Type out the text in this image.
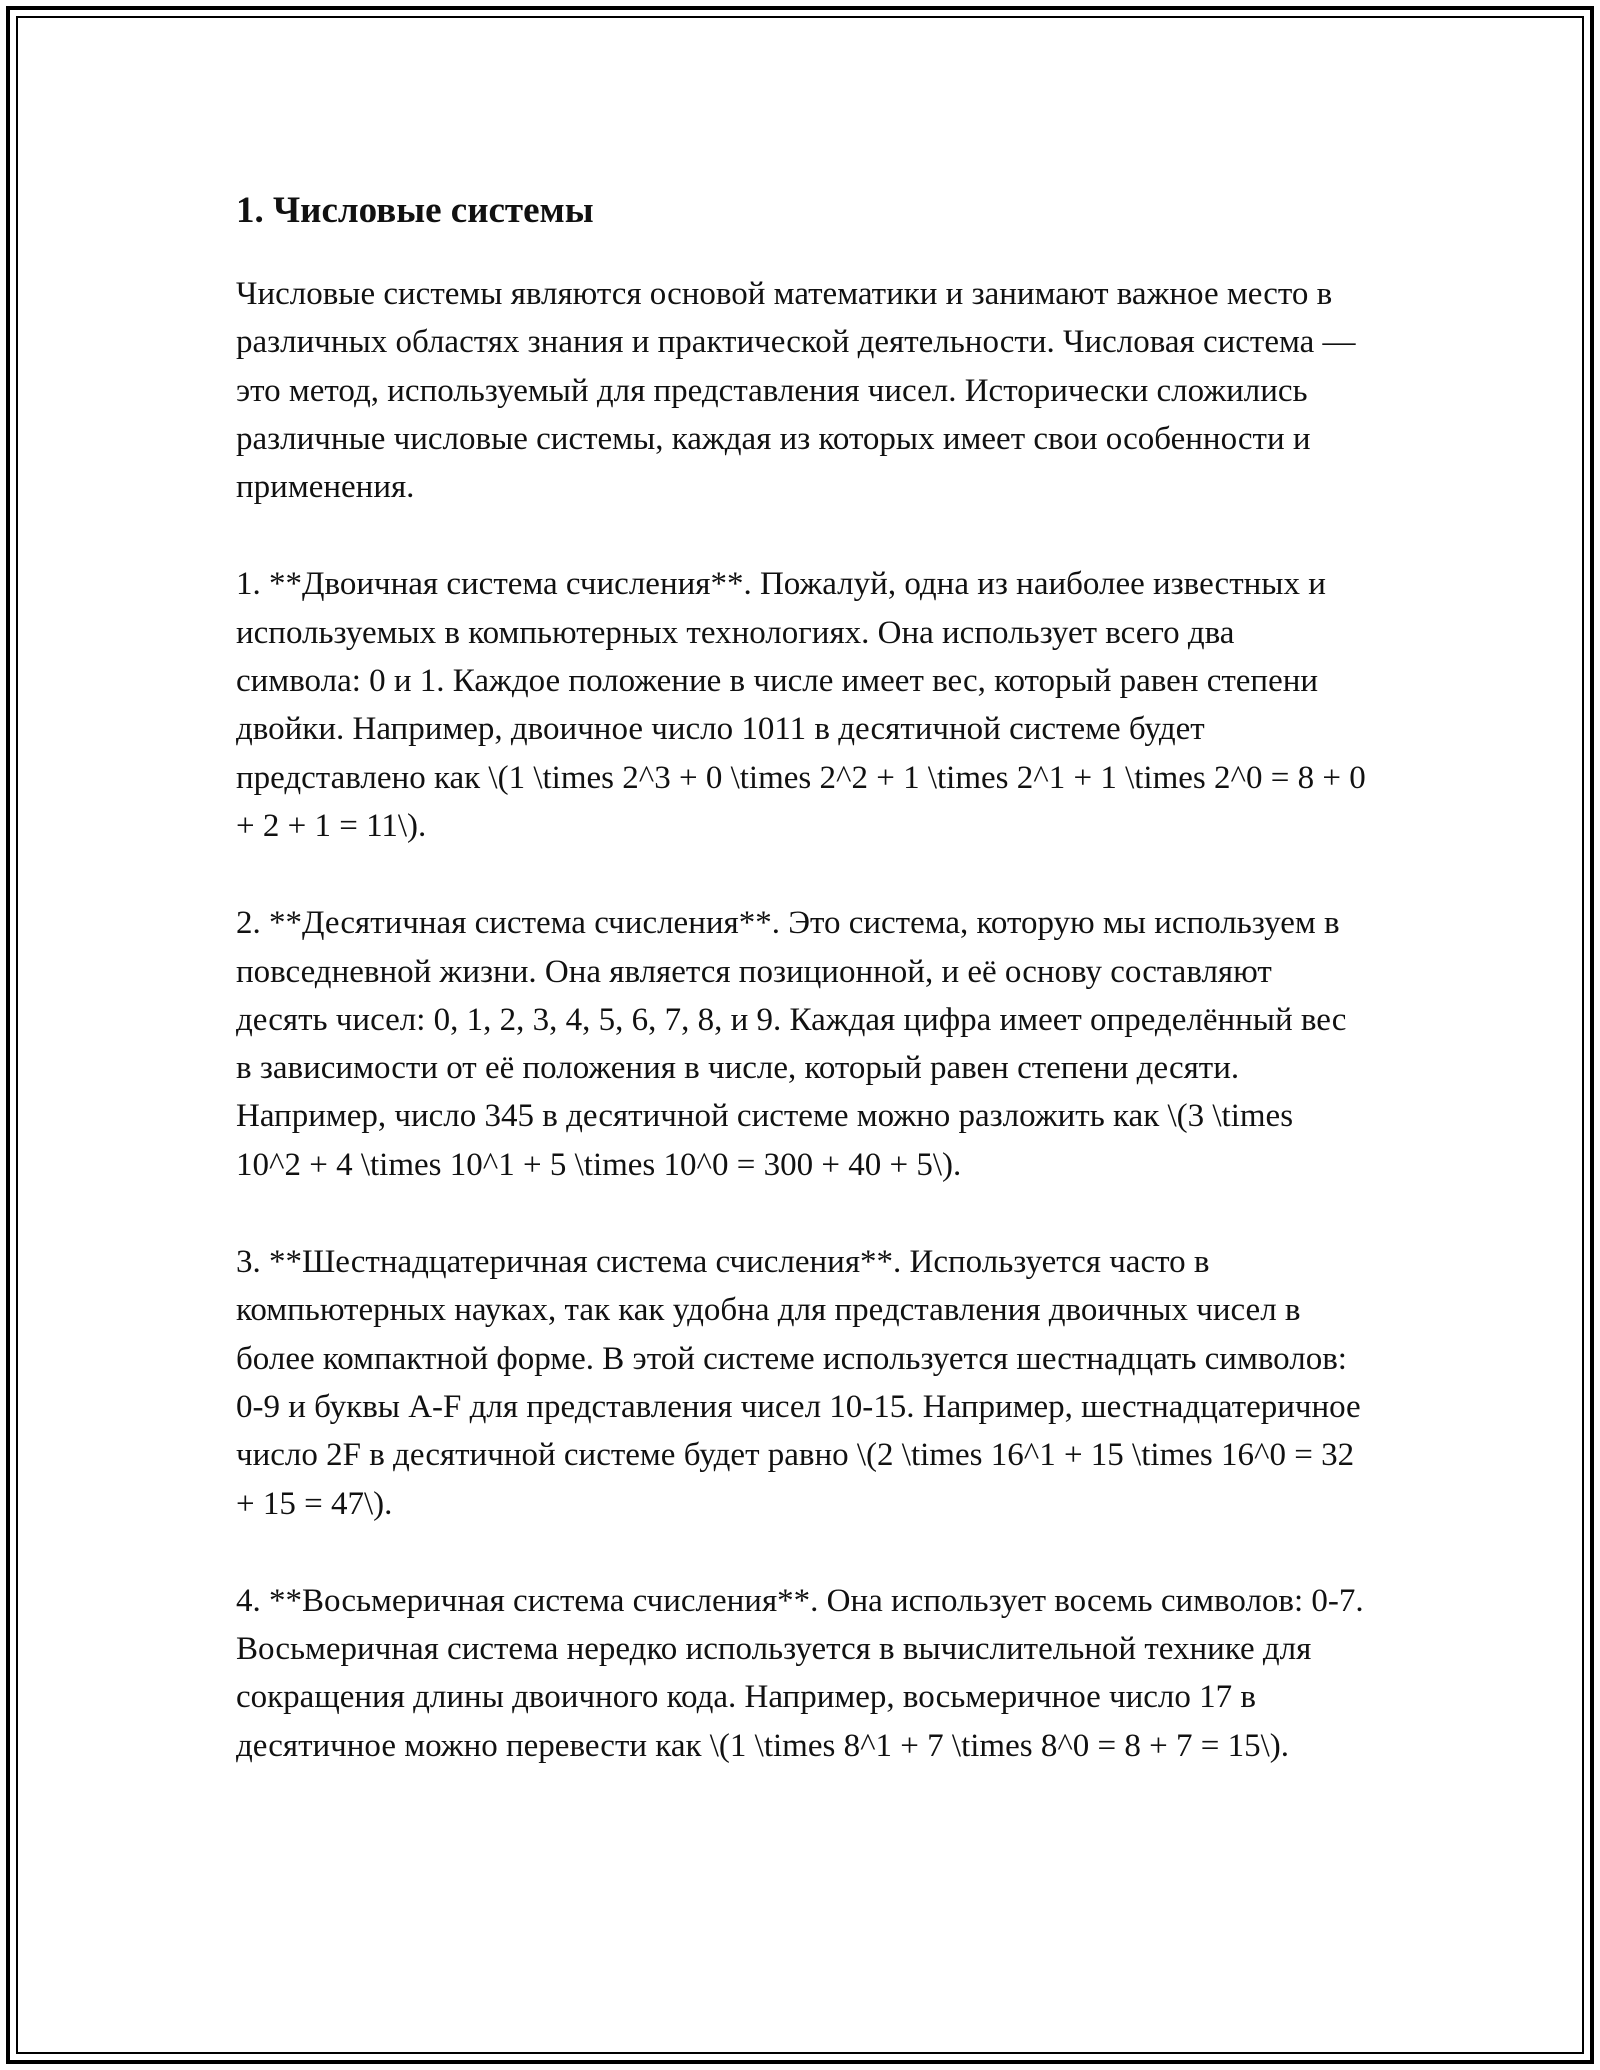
1. Числовые системы

Числовые системы являются основой математики и занимают важное место в различных областях знания и практической деятельности. Числовая система — это метод, используемый для представления чисел. Исторически сложились различные числовые системы, каждая из которых имеет свои особенности и применения.

1. **Двоичная система счисления**. Пожалуй, одна из наиболее известных и используемых в компьютерных технологиях. Она использует всего два символа: 0 и 1. Каждое положение в числе имеет вес, который равен степени двойки. Например, двоичное число 1011 в десятичной системе будет представлено как \(1 \times 2^3 + 0 \times 2^2 + 1 \times 2^1 + 1 \times 2^0 = 8 + 0 + 2 + 1 = 11\).

2. **Десятичная система счисления**. Это система, которую мы используем в повседневной жизни. Она является позиционной, и её основу составляют десять чисел: 0, 1, 2, 3, 4, 5, 6, 7, 8, и 9. Каждая цифра имеет определённый вес в зависимости от её положения в числе, который равен степени десяти. Например, число 345 в десятичной системе можно разложить как \(3 \times 10^2 + 4 \times 10^1 + 5 \times 10^0 = 300 + 40 + 5\).

3. **Шестнадцатеричная система счисления**. Используется часто в компьютерных науках, так как удобна для представления двоичных чисел в более компактной форме. В этой системе используется шестнадцать символов: 0-9 и буквы A-F для представления чисел 10-15. Например, шестнадцатеричное число 2F в десятичной системе будет равно \(2 \times 16^1 + 15 \times 16^0 = 32 + 15 = 47\).

4. **Восьмеричная система счисления**. Она использует восемь символов: 0-7. Восьмеричная система нередко используется в вычислительной технике для сокращения длины двоичного кода. Например, восьмеричное число 17 в десятичное можно перевести как \(1 \times 8^1 + 7 \times 8^0 = 8 + 7 = 15\).
